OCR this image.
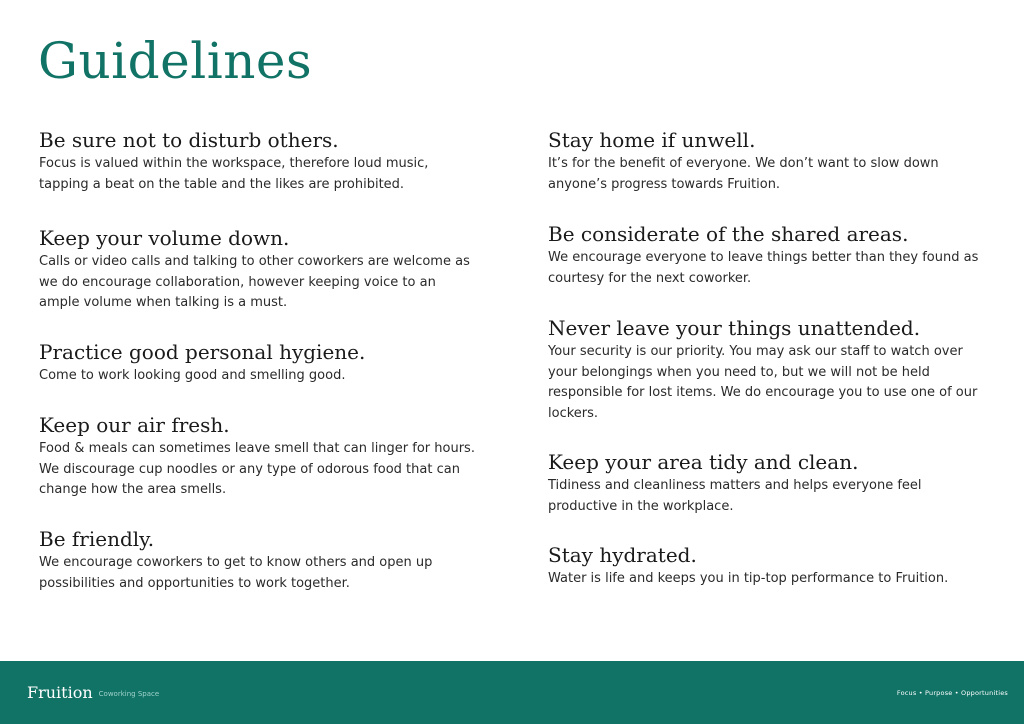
Guidelines
Be sure not to disturb others.

Focus is valued within the workspace, therefore loud music, tapping a beat on the table and the likes are prohibited.

Keep your volume down.

Calls or video calls and talking to other coworkers are welcome as we do encourage collaboration, however keeping voice to an ample volume when talking is a must.

Practice good personal hygiene.

Come to work looking good and smelling good.

Keep our air fresh.

Food & meals can sometimes leave smell that can linger for hours. We discourage cup noodles or any type of odorous food that can change how the area smells.

Be friendly.

We encourage coworkers to get to know others and open up possibilities and opportunities to work together.

Stay home if unwell.

It’s for the benefit of everyone. We don’t want to slow down anyone’s progress towards Fruition.

Be considerate of the shared areas.

We encourage everyone to leave things better than they found as courtesy for the next coworker.

Never leave your things unattended.

Your security is our priority. You may ask our staff to watch over your belongings when you need to, but we will not be held responsible for lost items. We do encourage you to use one of our lockers.

Keep your area tidy and clean.

Tidiness and cleanliness matters and helps everyone feel productive in the workplace.

Stay hydrated.

Water is life and keeps you in tip-top performance to Fruition.

Fruition Coworking Space	Focus • Purpose • Opportunities
